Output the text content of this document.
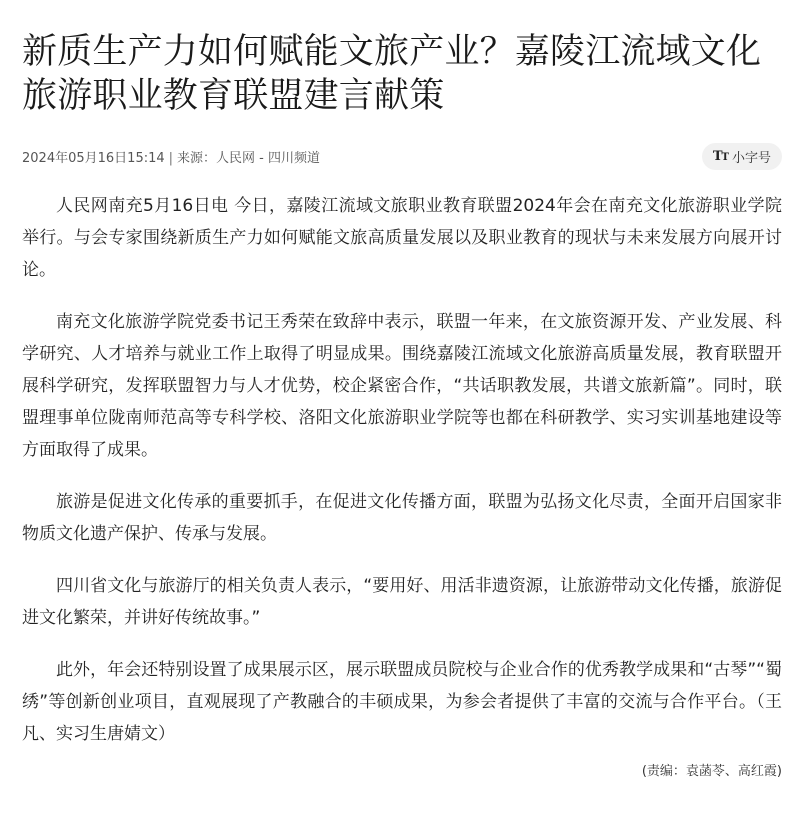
新质生产力如何赋能文旅产业？嘉陵江流域文化旅游职业教育联盟建言献策
2024年05月16日15:14 | 来源：人民网 - 四川频道	TT 小字号

人民网南充5月16日电 今日，嘉陵江流域文旅职业教育联盟2024年会在南充文化旅游职业学院举行。与会专家围绕新质生产力如何赋能文旅高质量发展以及职业教育的现状与未来发展方向展开讨论。

南充文化旅游学院党委书记王秀荣在致辞中表示，联盟一年来，在文旅资源开发、产业发展、科学研究、人才培养与就业工作上取得了明显成果。围绕嘉陵江流域文化旅游高质量发展，教育联盟开展科学研究，发挥联盟智力与人才优势，校企紧密合作，“共话职教发展，共谱文旅新篇”。同时，联盟理事单位陇南师范高等专科学校、洛阳文化旅游职业学院等也都在科研教学、实习实训基地建设等方面取得了成果。

旅游是促进文化传承的重要抓手，在促进文化传播方面，联盟为弘扬文化尽责，全面开启国家非物质文化遗产保护、传承与发展。

四川省文化与旅游厅的相关负责人表示，“要用好、用活非遗资源，让旅游带动文化传播，旅游促进文化繁荣，并讲好传统故事。”

此外，年会还特别设置了成果展示区，展示联盟成员院校与企业合作的优秀教学成果和“古琴”“蜀绣”等创新创业项目，直观展现了产教融合的丰硕成果，为参会者提供了丰富的交流与合作平台。（王凡、实习生唐婧文）

(责编：袁菡苓、高红霞)
